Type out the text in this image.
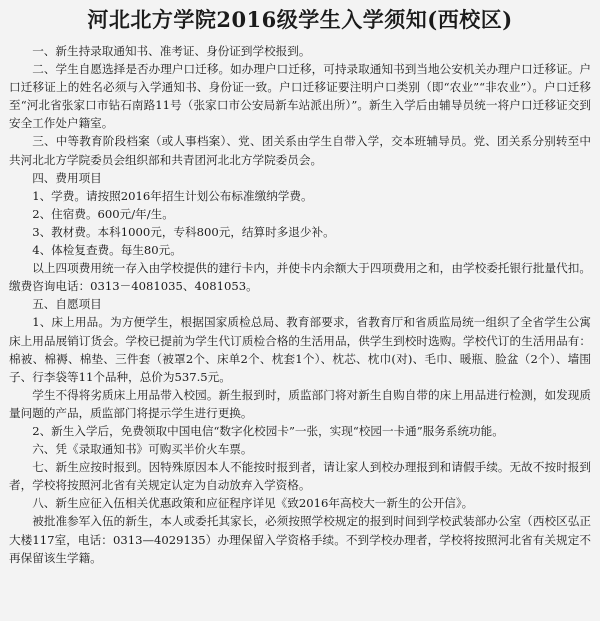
河北北方学院2016级学生入学须知(西校区)

一、新生持录取通知书、准考证、身份证到学校报到。

二、学生自愿选择是否办理户口迁移。如办理户口迁移，可持录取通知书到当地公安机关办理户口迁移证。户口迁移证上的姓名必须与入学通知书、身份证一致。户口迁移证要注明户口类别（即“农业”“非农业”）。户口迁移至“河北省张家口市钻石南路11号（张家口市公安局新车站派出所）”。新生入学后由辅导员统一将户口迁移证交到安全工作处户籍室。

三、中等教育阶段档案（或人事档案）、党、团关系由学生自带入学，交本班辅导员。党、团关系分别转至中共河北北方学院委员会组织部和共青团河北北方学院委员会。

四、费用项目

1、学费。请按照2016年招生计划公布标准缴纳学费。

2、住宿费。600元/年/生。

3、教材费。本科1000元，专科800元，结算时多退少补。

4、体检复查费。每生80元。

以上四项费用统一存入由学校提供的建行卡内，并使卡内余额大于四项费用之和，由学校委托银行批量代扣。缴费咨询电话：0313－4081035、4081053。

五、自愿项目

1、床上用品。为方便学生，根据国家质检总局、教育部要求，省教育厅和省质监局统一组织了全省学生公寓床上用品展销订货会。学校已提前为学生代订质检合格的生活用品，供学生到校时选购。学校代订的生活用品有：棉被、棉褥、棉垫、三件套（被罩2个、床单2个、枕套1个）、枕芯、枕巾(对)、毛巾、暖瓶、脸盆（2个）、墙围子、行李袋等11个品种，总价为537.5元。

学生不得将劣质床上用品带入校园。新生报到时，质监部门将对新生自购自带的床上用品进行检测，如发现质量问题的产品，质监部门将提示学生进行更换。

2、新生入学后，免费领取中国电信“数字化校园卡”一张，实现“校园一卡通”服务系统功能。

六、凭《录取通知书》可购买半价火车票。

七、新生应按时报到。因特殊原因本人不能按时报到者，请让家人到校办理报到和请假手续。无故不按时报到者，学校将按照河北省有关规定认定为自动放弃入学资格。

八、新生应征入伍相关优惠政策和应征程序详见《致2016年高校大一新生的公开信》。

被批准参军入伍的新生，本人或委托其家长，必须按照学校规定的报到时间到学校武装部办公室（西校区弘正大楼117室，电话：0313—4029135）办理保留入学资格手续。不到学校办理者，学校将按照河北省有关规定不再保留该生学籍。
